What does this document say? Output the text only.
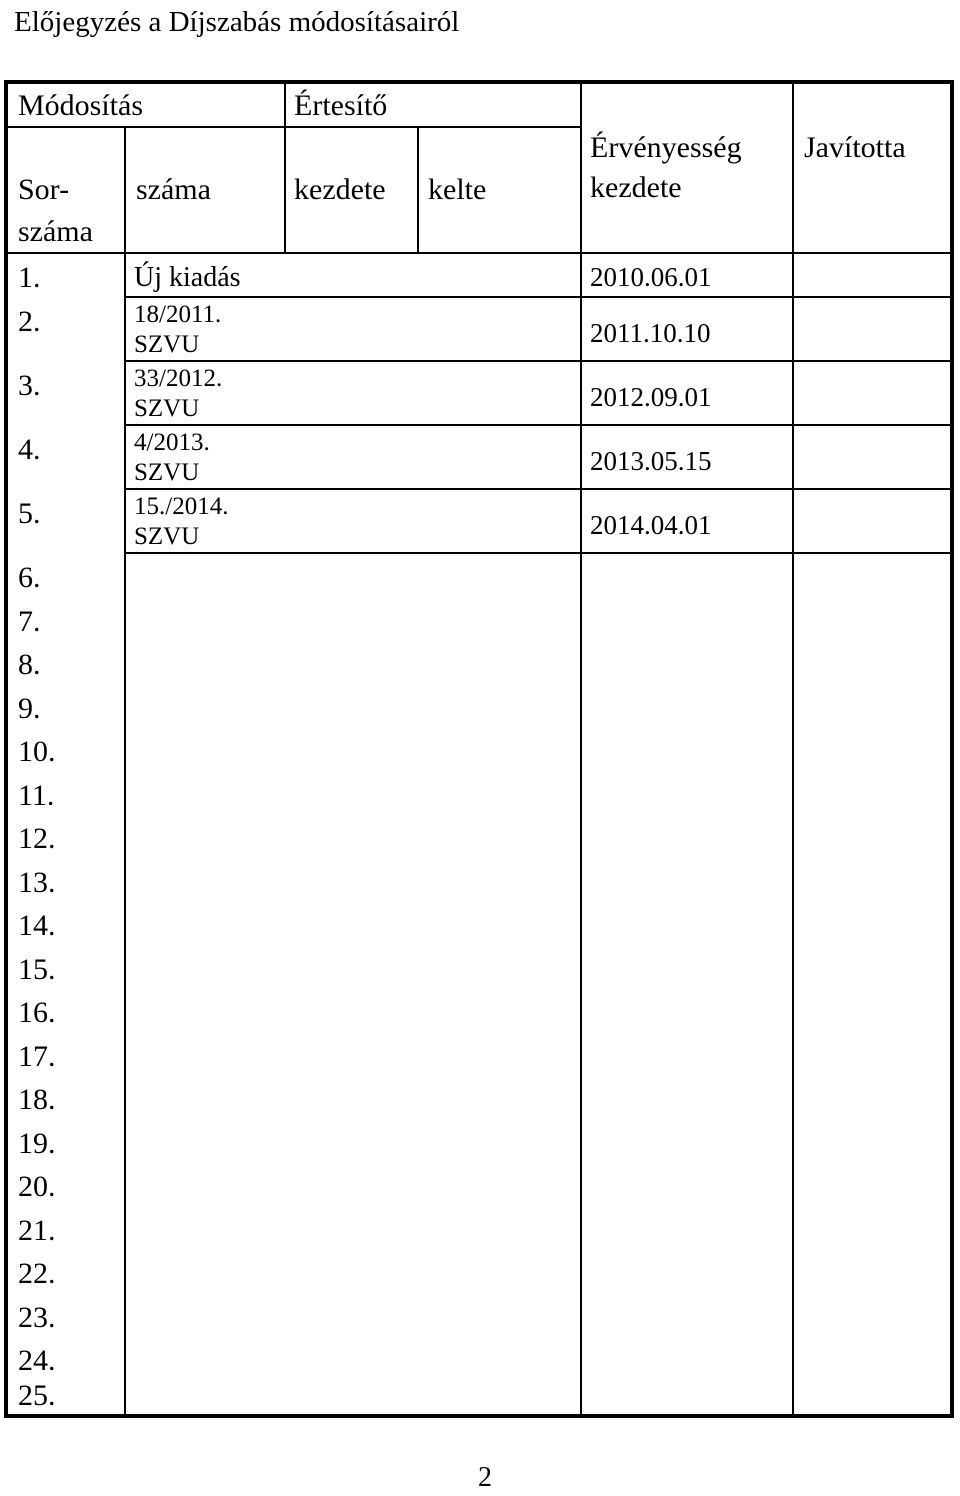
Előjegyzés a Díjszabás módosításairól
Módosítás	Értesítő
Sor-
száma
száma	kezdete kelte
Érvényesség
kezdete
Javította
1.
2.
3.
4.
5.
6.
7.
8.
9.
10.
11.
12.
13.
14.
15.
16.
17.
18.
19.
20.
21.
22.
23.
24.
25.
Új kiadás
18/2011.
SZVU
33/2012.
SZVU
4/2013.
SZVU
15./2014.
SZVU
2010.06.01
2011.10.10
2012.09.01
2013.05.15
2014.04.01
2
